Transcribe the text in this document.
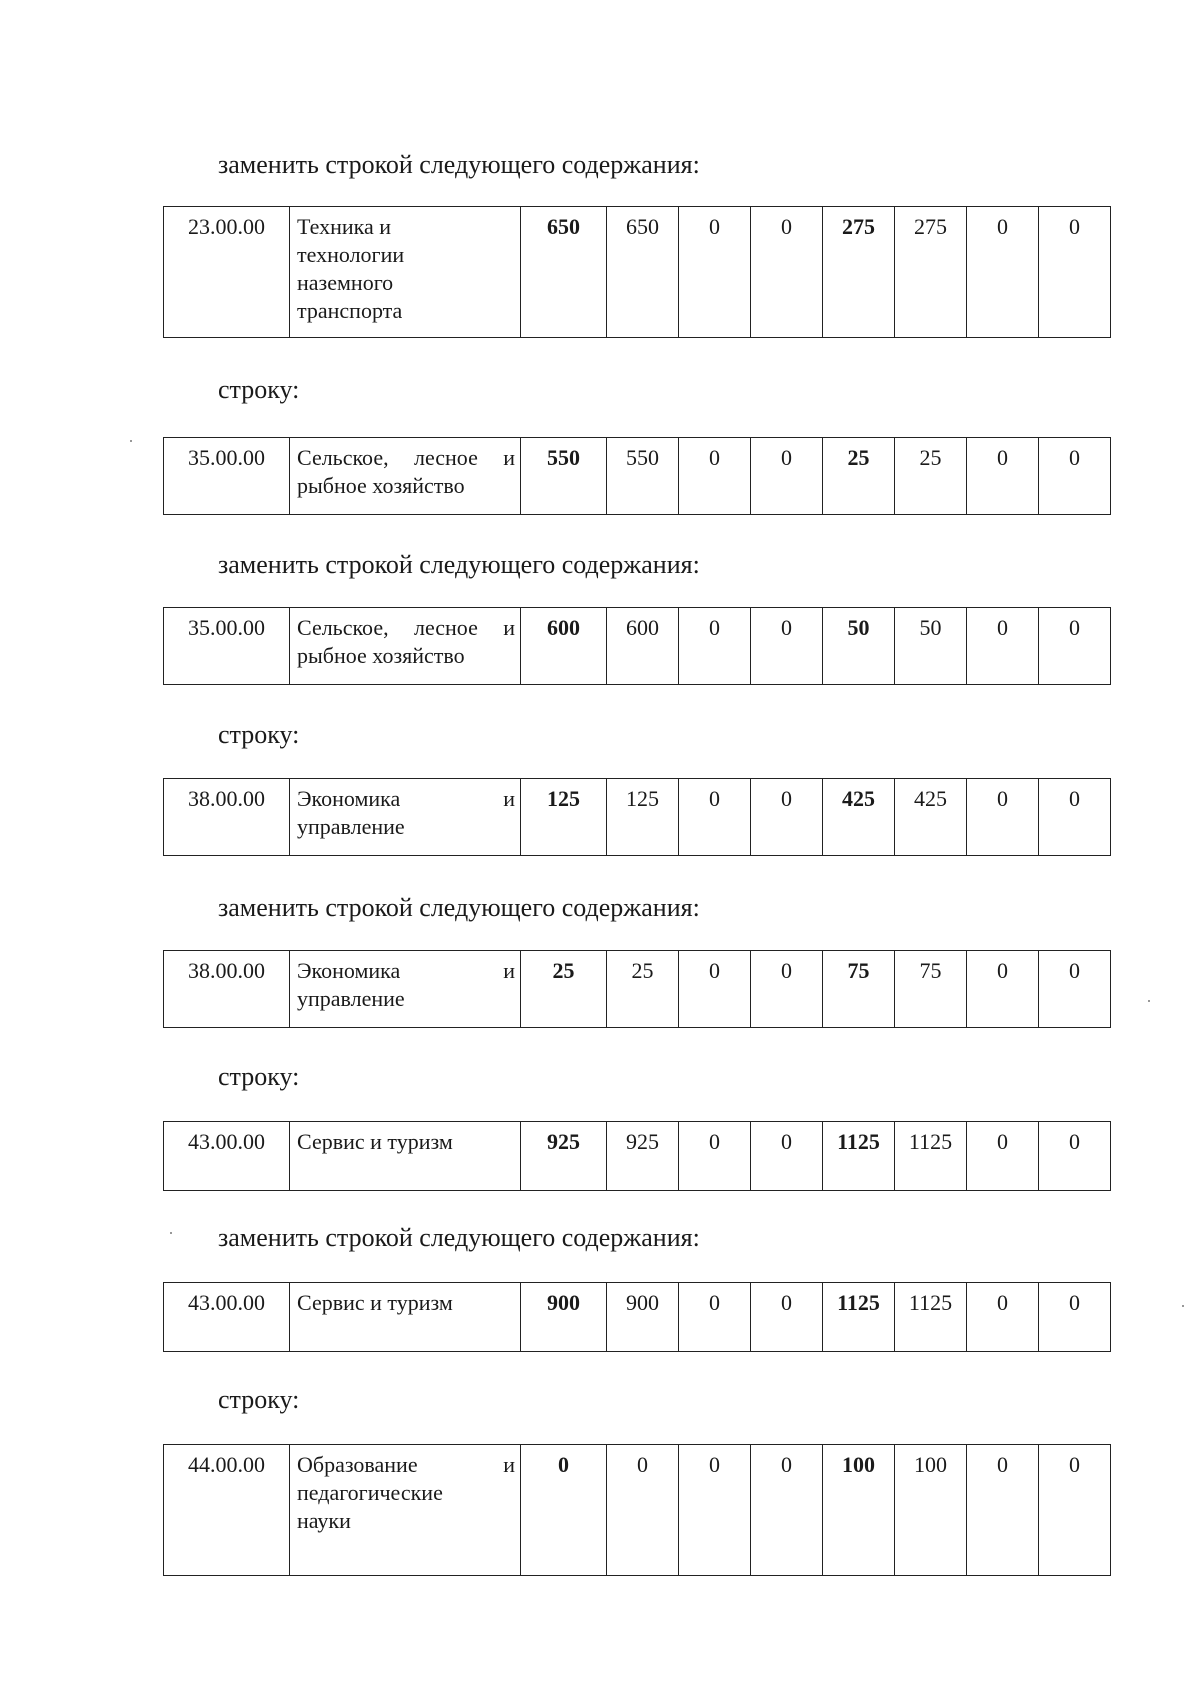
заменить строкой следующего содержания:
23.00.00	Техника и
технологии
наземного
транспорта
	650	650	0	0	275	275	0	0
строку:
35.00.00	Сельское, лесное и
рыбное хозяйство
	550	550	0	0	25	25	0	0
заменить строкой следующего содержания:
35.00.00	Сельское, лесное и
рыбное хозяйство
	600	600	0	0	50	50	0	0
строку:
38.00.00	Экономика и
управление
	125	125	0	0	425	425	0	0
заменить строкой следующего содержания:
38.00.00	Экономика и
управление
	25	25	0	0	75	75	0	0
строку:
43.00.00	Сервис и туризм	925	925	0	0	1125	1125	0	0
заменить строкой следующего содержания:
43.00.00	Сервис и туризм	900	900	0	0	1125	1125	0	0
строку:
44.00.00	Образование и
педагогические
науки
	0	0	0	0	100	100	0	0
